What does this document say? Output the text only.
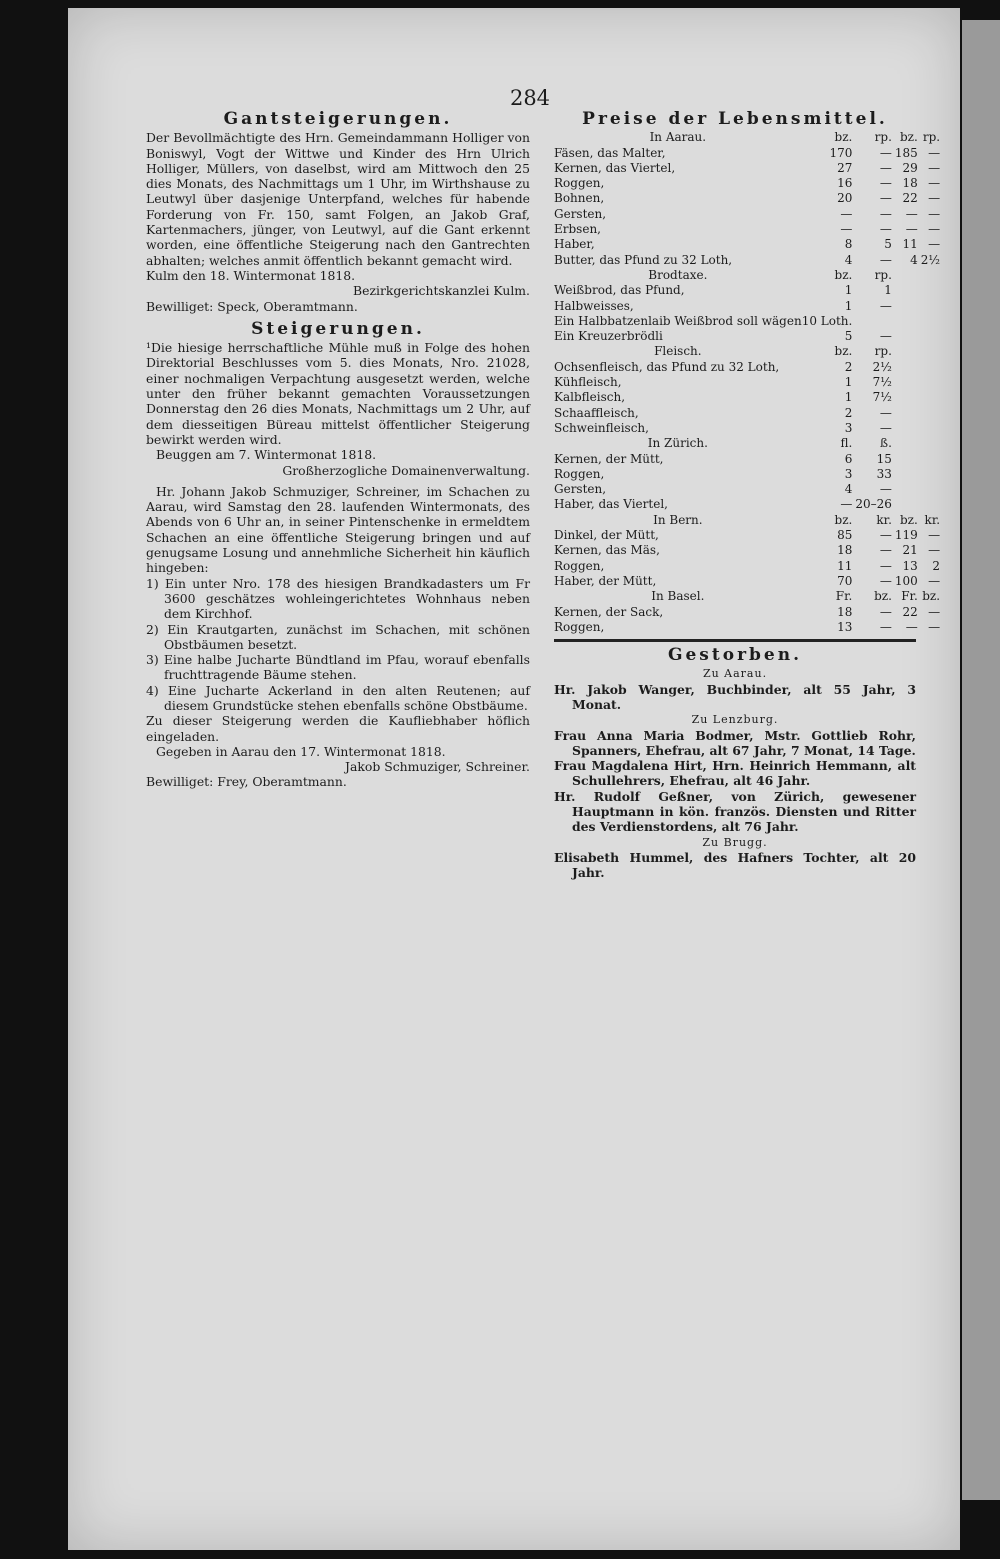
284
Gantsteigerungen.

Der Bevollmächtigte des Hrn. Gemeindammann Holliger von Boniswyl, Vogt der Wittwe und Kinder des Hrn Ulrich Holliger, Müllers, von daselbst, wird am Mittwoch den 25 dies Monats, des Nachmittags um 1 Uhr, im Wirthshause zu Leutwyl über dasjenige Unterpfand, welches für habende Forderung von Fr. 150, samt Folgen, an Jakob Graf, Kartenmachers, jünger, von Leutwyl, auf die Gant erkennt worden, eine öffentliche Steigerung nach den Gantrechten abhalten; welches anmit öffentlich bekannt gemacht wird.

Kulm den 18. Wintermonat 1818.

Bezirkgerichtskanzlei Kulm.

Bewilliget: Speck, Oberamtmann.

Steigerungen.

¹Die hiesige herrschaftliche Mühle muß in Folge des hohen Direktorial Beschlusses vom 5. dies Monats, Nro. 21028, einer nochmaligen Verpachtung ausgesetzt werden, welche unter den früher bekannt gemachten Voraussetzungen Donnerstag den 26 dies Monats, Nachmittags um 2 Uhr, auf dem diesseitigen Büreau mittelst öffentlicher Steigerung bewirkt werden wird.

Beuggen am 7. Wintermonat 1818.

Großherzogliche Domainenverwaltung.

Hr. Johann Jakob Schmuziger, Schreiner, im Schachen zu Aarau, wird Samstag den 28. laufenden Wintermonats, des Abends von 6 Uhr an, in seiner Pintenschenke in ermeldtem Schachen an eine öffentliche Steigerung bringen und auf genugsame Losung und annehmliche Sicherheit hin käuflich hingeben:

1) Ein unter Nro. 178 des hiesigen Brandkadasters um Fr 3600 geschätzes wohleingerichtetes Wohnhaus neben dem Kirchhof.

2) Ein Krautgarten, zunächst im Schachen, mit schönen Obstbäumen besetzt.

3) Eine halbe Jucharte Bündtland im Pfau, worauf ebenfalls fruchttragende Bäume stehen.

4) Eine Jucharte Ackerland in den alten Reutenen; auf diesem Grundstücke stehen ebenfalls schöne Obstbäume.

Zu dieser Steigerung werden die Kaufliebhaber höflich eingeladen.

Gegeben in Aarau den 17. Wintermonat 1818.

Jakob Schmuziger, Schreiner.

Bewilliget: Frey, Oberamtmann.

Preise der Lebensmittel.
In Aarau.	bz.	rp.	bz.	rp.
Fäsen, das Malter,	170	—	185	—
Kernen, das Viertel,	27	—	29	—
Roggen,	16	—	18	—
Bohnen,	20	—	22	—
Gersten,	—	—	—	—
Erbsen,	—	—	—	—
Haber,	8	5	11	—
Butter, das Pfund zu 32 Loth,	4	—	4	2½
Brodtaxe.	bz.	rp.		
Weißbrod, das Pfund,	1	1		
Halbweisses,	1	—		
Ein Halbbatzenlaib Weißbrod soll wägen	10 Loth.			
Ein Kreuzerbrödli	5	—		
Fleisch.	bz.	rp.		
Ochsenfleisch, das Pfund zu 32 Loth,	2	2½		
Kühfleisch,	1	7½		
Kalbfleisch,	1	7½		
Schaaffleisch,	2	—		
Schweinfleisch,	3	—		
In Zürich.	fl.	ß.		
Kernen, der Mütt,	6	15		
Roggen,	3	33		
Gersten,	4	—		
Haber, das Viertel,	—	20–26		
In Bern.	bz.	kr.	bz.	kr.
Dinkel, der Mütt,	85	—	119	—
Kernen, das Mäs,	18	—	21	—
Roggen,	11	—	13	2
Haber, der Mütt,	70	—	100	—
In Basel.	Fr.	bz.	Fr.	bz.
Kernen, der Sack,	18	—	22	—
Roggen,	13	—	—	—
Gestorben.
Zu Aarau.

Hr. Jakob Wanger, Buchbinder, alt 55 Jahr, 3 Monat.

Zu Lenzburg.

Frau Anna Maria Bodmer, Mstr. Gottlieb Rohr, Spanners, Ehefrau, alt 67 Jahr, 7 Monat, 14 Tage.

Frau Magdalena Hirt, Hrn. Heinrich Hemmann, alt Schullehrers, Ehefrau, alt 46 Jahr.

Hr. Rudolf Geßner, von Zürich, gewesener Hauptmann in kön. französ. Diensten und Ritter des Verdienstordens, alt 76 Jahr.

Zu Brugg.

Elisabeth Hummel, des Hafners Tochter, alt 20 Jahr.
